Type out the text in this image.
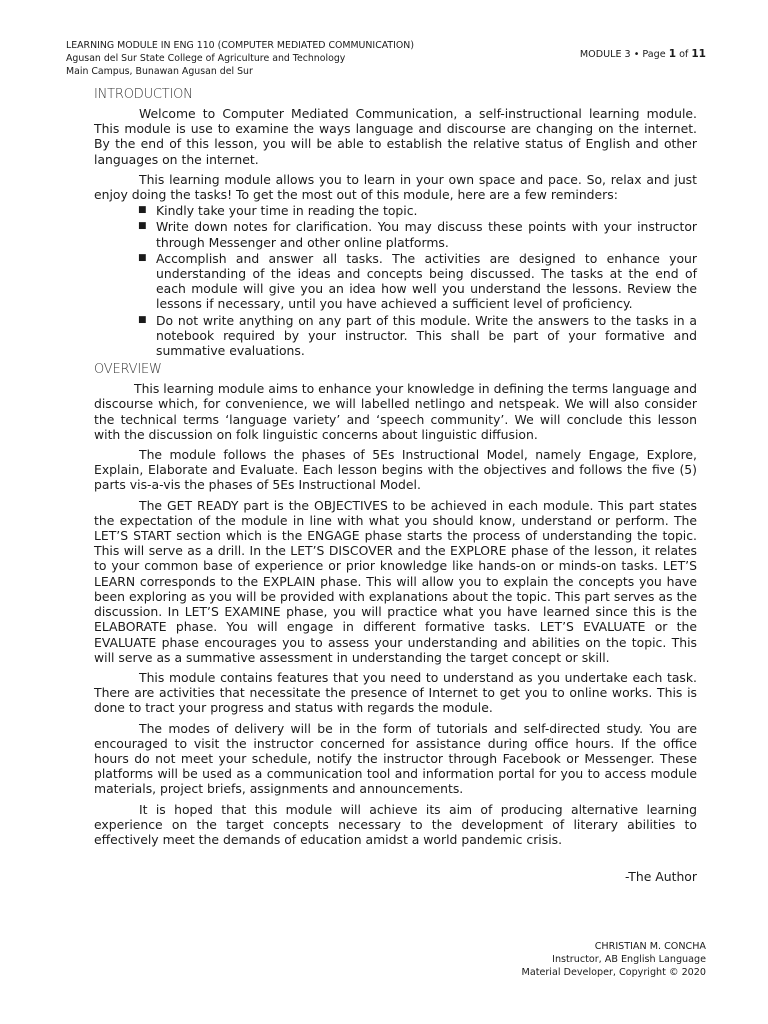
LEARNING MODULE IN ENG 110 (COMPUTER MEDIATED COMMUNICATION)
Agusan del Sur State College of Agriculture and Technology
Main Campus, Bunawan Agusan del Sur
MODULE 3 • Page 1 of 11
INTRODUCTION

Welcome to Computer Mediated Communication, a self-instructional learning module. This module is use to examine the ways language and discourse are changing on the internet. By the end of this lesson, you will be able to establish the relative status of English and other languages on the internet.

This learning module allows you to learn in your own space and pace. So, relax and just enjoy doing the tasks! To get the most out of this module, here are a few reminders:

■ Kindly take your time in reading the topic.
■ Write down notes for clarification. You may discuss these points with your instructor through Messenger and other online platforms.
■ Accomplish and answer all tasks. The activities are designed to enhance your understanding of the ideas and concepts being discussed. The tasks at the end of each module will give you an idea how well you understand the lessons. Review the lessons if necessary, until you have achieved a sufficient level of proficiency.
■ Do not write anything on any part of this module. Write the answers to the tasks in a notebook required by your instructor. This shall be part of your formative and summative evaluations.
OVERVIEW

This learning module aims to enhance your knowledge in defining the terms language and discourse which, for convenience, we will labelled netlingo and netspeak. We will also consider the technical terms ‘language variety’ and ‘speech community’. We will conclude this lesson with the discussion on folk linguistic concerns about linguistic diffusion.

The module follows the phases of 5Es Instructional Model, namely Engage, Explore, Explain, Elaborate and Evaluate. Each lesson begins with the objectives and follows the five (5) parts vis-a-vis the phases of 5Es Instructional Model.

The GET READY part is the OBJECTIVES to be achieved in each module. This part states the expectation of the module in line with what you should know, understand or perform. The LET’S START section which is the ENGAGE phase starts the process of understanding the topic. This will serve as a drill. In the LET’S DISCOVER and the EXPLORE phase of the lesson, it relates to your common base of experience or prior knowledge like hands-on or minds-on tasks. LET’S LEARN corresponds to the EXPLAIN phase. This will allow you to explain the concepts you have been exploring as you will be provided with explanations about the topic. This part serves as the discussion. In LET’S EXAMINE phase, you will practice what you have learned since this is the ELABORATE phase. You will engage in different formative tasks. LET’S EVALUATE or the EVALUATE phase encourages you to assess your understanding and abilities on the topic. This will serve as a summative assessment in understanding the target concept or skill.

This module contains features that you need to understand as you undertake each task. There are activities that necessitate the presence of Internet to get you to online works. This is done to tract your progress and status with regards the module.

The modes of delivery will be in the form of tutorials and self-directed study. You are encouraged to visit the instructor concerned for assistance during office hours. If the office hours do not meet your schedule, notify the instructor through Facebook or Messenger. These platforms will be used as a communication tool and information portal for you to access module materials, project briefs, assignments and announcements.

It is hoped that this module will achieve its aim of producing alternative learning experience on the target concepts necessary to the development of literary abilities to effectively meet the demands of education amidst a world pandemic crisis.

-The Author
CHRISTIAN M. CONCHA
Instructor, AB English Language
Material Developer, Copyright © 2020
